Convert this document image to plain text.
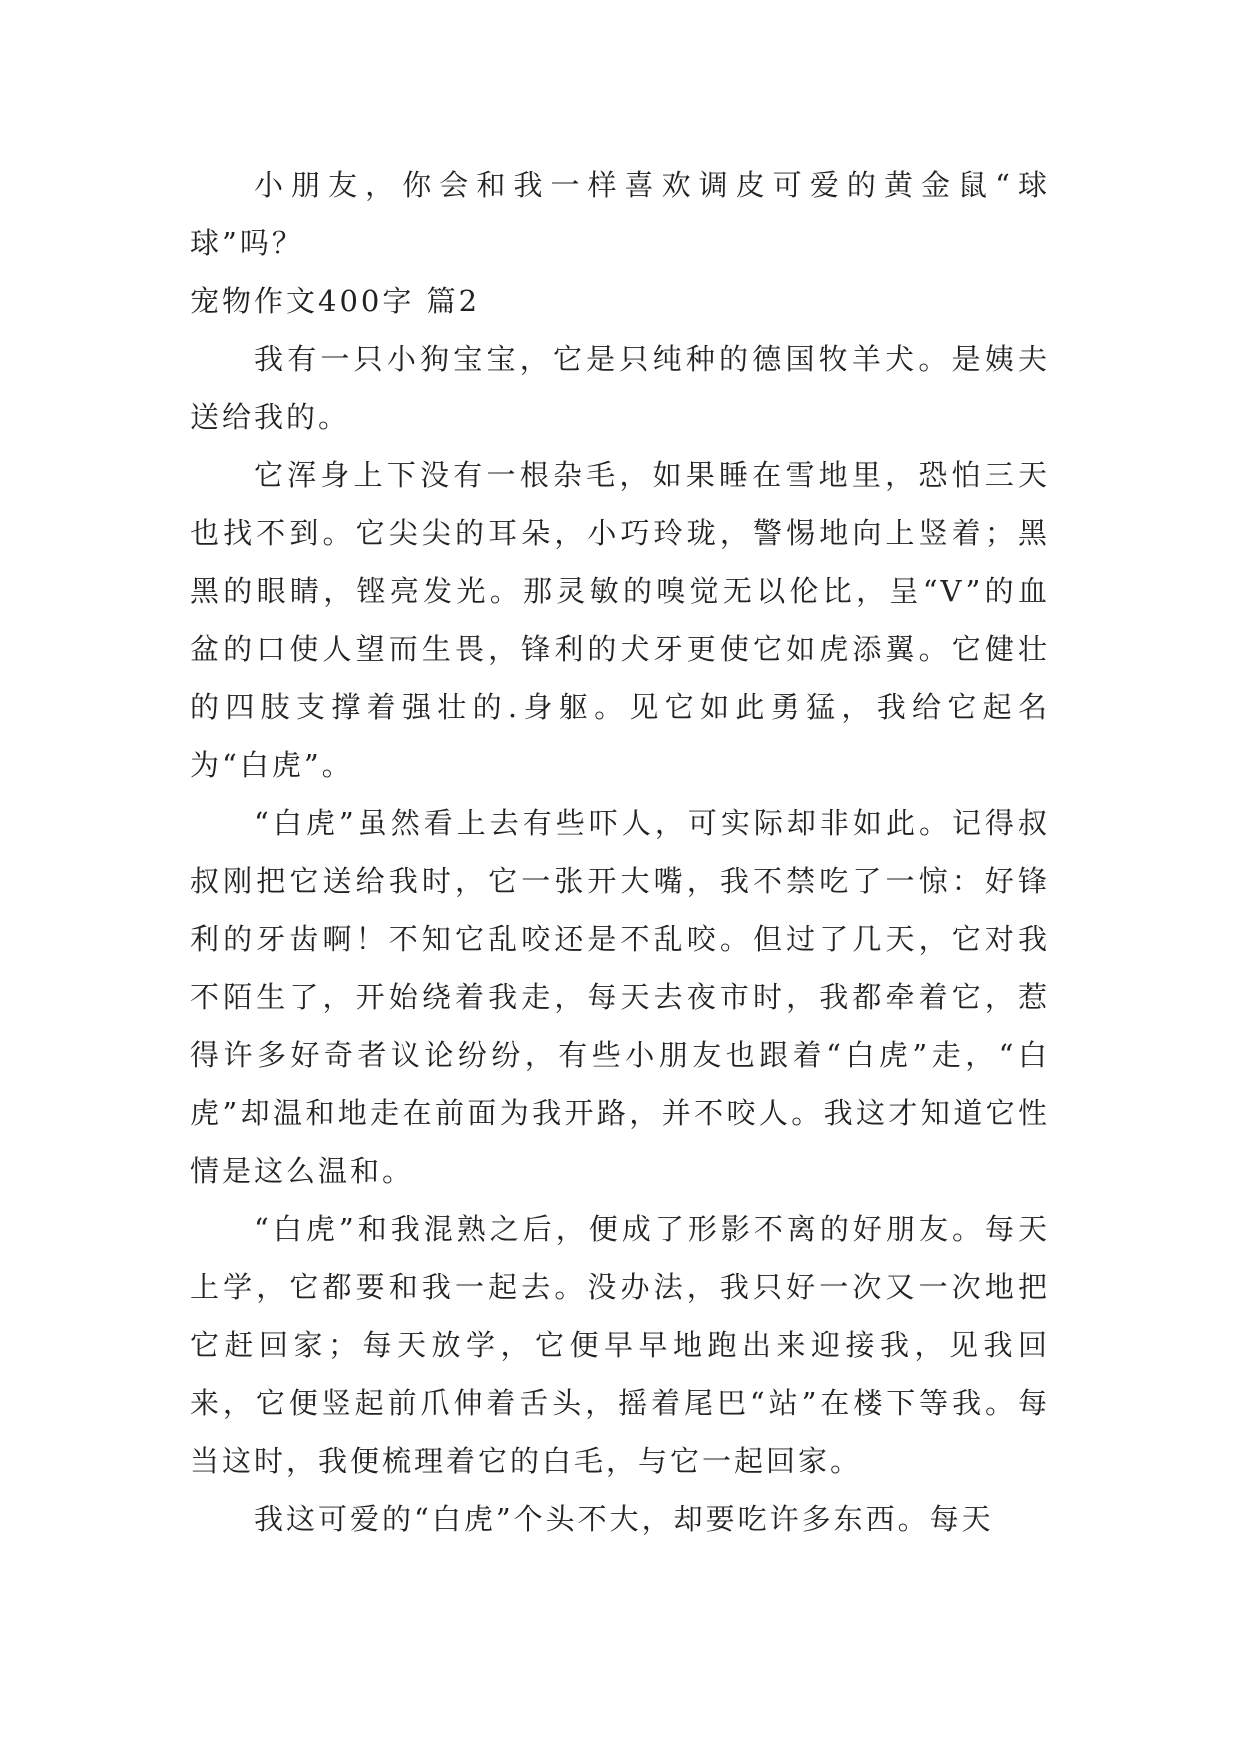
小朋友，你会和我一样喜欢调皮可爱的黄金鼠“球球”吗？

宠物作文400字 篇2

我有一只小狗宝宝，它是只纯种的德国牧羊犬。是姨夫送给我的。

它浑身上下没有一根杂毛，如果睡在雪地里，恐怕三天也找不到。它尖尖的耳朵，小巧玲珑，警惕地向上竖着；黑黑的眼睛，铿亮发光。那灵敏的嗅觉无以伦比，呈“V”的血盆的口使人望而生畏，锋利的犬牙更使它如虎添翼。它健壮的四肢支撑着强壮的.身躯。见它如此勇猛，我给它起名为“白虎”。

“白虎”虽然看上去有些吓人，可实际却非如此。记得叔叔刚把它送给我时，它一张开大嘴，我不禁吃了一惊：好锋利的牙齿啊！不知它乱咬还是不乱咬。但过了几天，它对我不陌生了，开始绕着我走，每天去夜市时，我都牵着它，惹得许多好奇者议论纷纷，有些小朋友也跟着“白虎”走，“白虎”却温和地走在前面为我开路，并不咬人。我这才知道它性情是这么温和。

“白虎”和我混熟之后，便成了形影不离的好朋友。每天上学，它都要和我一起去。没办法，我只好一次又一次地把它赶回家；每天放学，它便早早地跑出来迎接我，见我回来，它便竖起前爪伸着舌头，摇着尾巴“站”在楼下等我。每当这时，我便梳理着它的白毛，与它一起回家。

我这可爱的“白虎”个头不大，却要吃许多东西。每天
